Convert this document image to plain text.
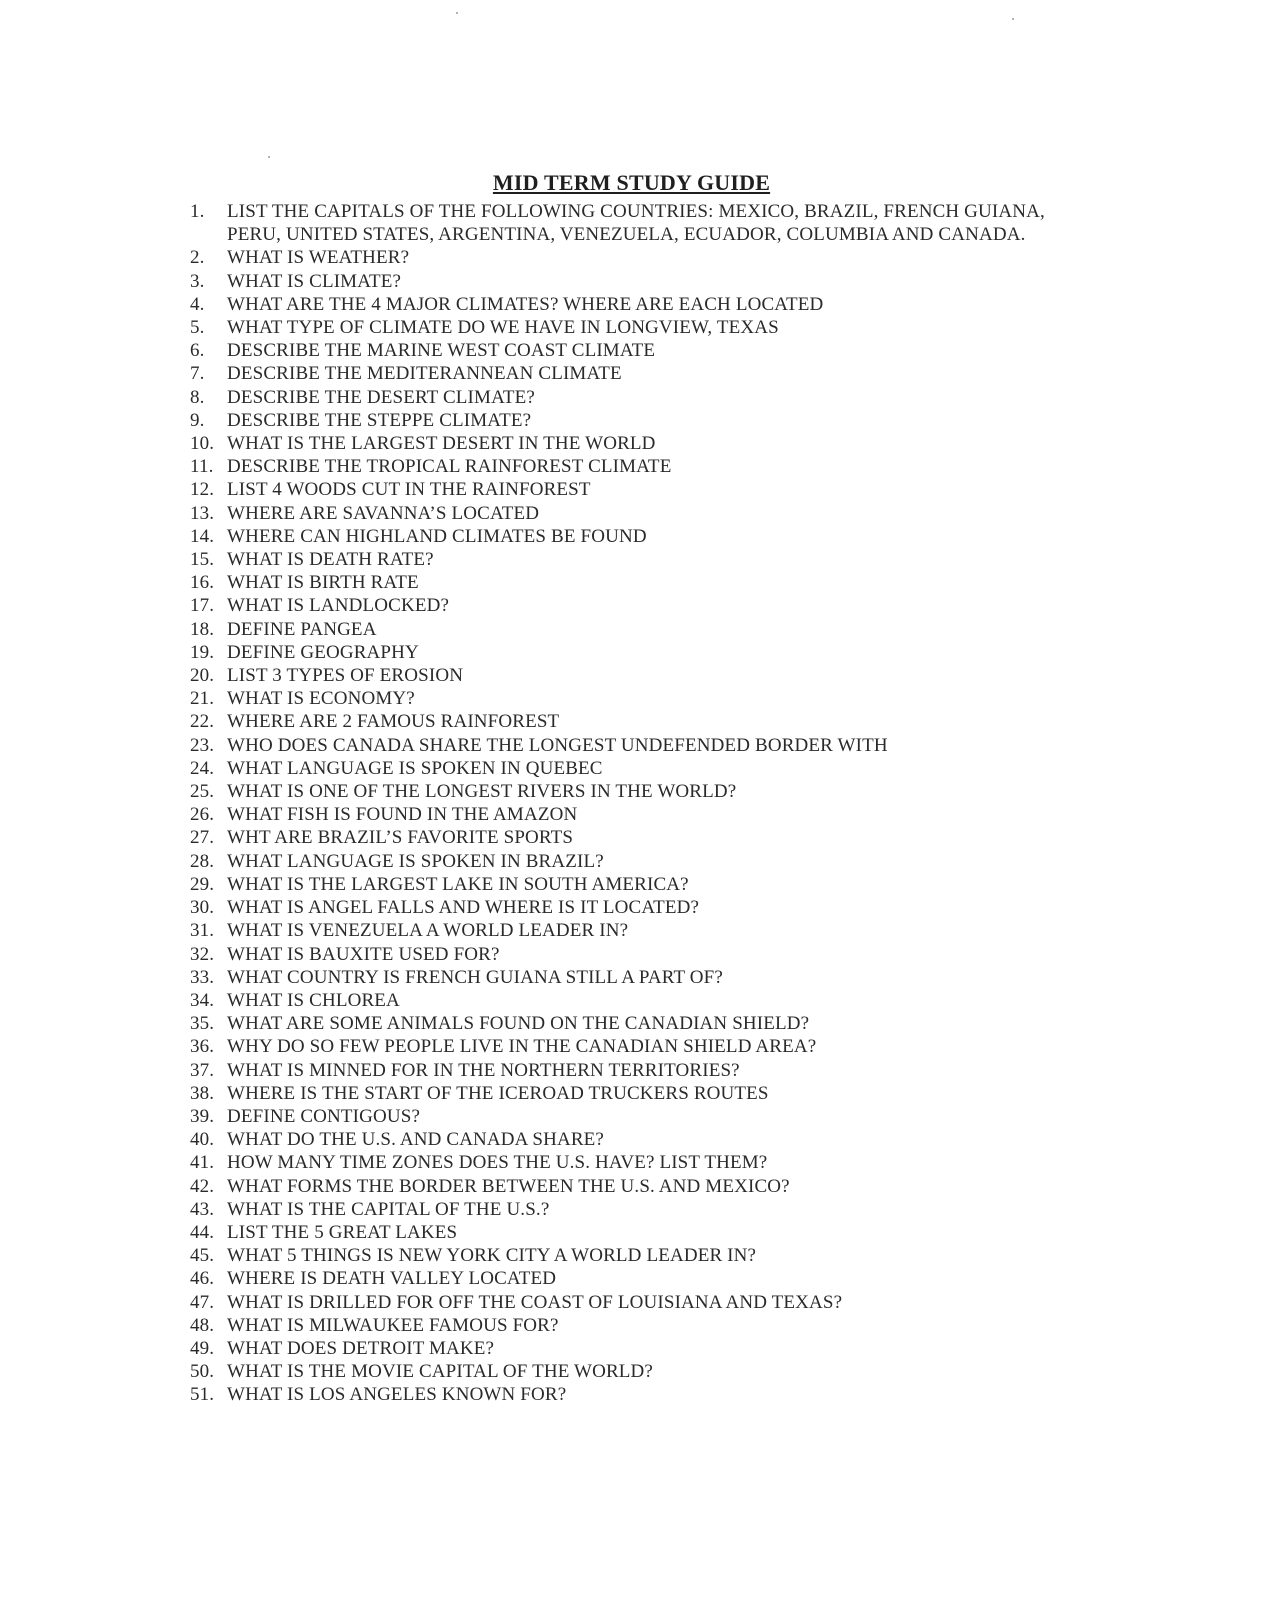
MID TERM STUDY GUIDE
1.	LIST THE CAPITALS OF THE FOLLOWING COUNTRIES: MEXICO, BRAZIL, FRENCH GUIANA, PERU, UNITED STATES, ARGENTINA, VENEZUELA, ECUADOR, COLUMBIA AND CANADA.
2.	WHAT IS WEATHER?
3.	WHAT IS CLIMATE?
4.	WHAT ARE THE 4 MAJOR CLIMATES? WHERE ARE EACH LOCATED
5.	WHAT TYPE OF CLIMATE DO WE HAVE IN LONGVIEW, TEXAS
6.	DESCRIBE THE MARINE WEST COAST CLIMATE
7.	DESCRIBE THE MEDITERANNEAN CLIMATE
8.	DESCRIBE THE DESERT CLIMATE?
9.	DESCRIBE THE STEPPE CLIMATE?
10. WHAT IS THE LARGEST DESERT IN THE WORLD
11. DESCRIBE THE TROPICAL RAINFOREST CLIMATE
12. LIST 4 WOODS CUT IN THE RAINFOREST
13. WHERE ARE SAVANNA’S LOCATED
14. WHERE CAN HIGHLAND CLIMATES BE FOUND
15. WHAT IS DEATH RATE?
16. WHAT IS BIRTH RATE
17. WHAT IS LANDLOCKED?
18. DEFINE PANGEA
19. DEFINE GEOGRAPHY
20. LIST 3 TYPES OF EROSION
21. WHAT IS ECONOMY?
22. WHERE ARE 2 FAMOUS RAINFOREST
23. WHO DOES CANADA SHARE THE LONGEST UNDEFENDED BORDER WITH
24. WHAT LANGUAGE IS SPOKEN IN QUEBEC
25. WHAT IS ONE OF THE LONGEST RIVERS IN THE WORLD?
26. WHAT FISH IS FOUND IN THE AMAZON
27. WHT ARE BRAZIL’S FAVORITE SPORTS
28. WHAT LANGUAGE IS SPOKEN IN BRAZIL?
29. WHAT IS THE LARGEST LAKE IN SOUTH AMERICA?
30. WHAT IS ANGEL FALLS AND WHERE IS IT LOCATED?
31. WHAT IS VENEZUELA A WORLD LEADER IN?
32. WHAT IS BAUXITE USED FOR?
33. WHAT COUNTRY IS FRENCH GUIANA STILL A PART OF?
34. WHAT IS CHLOREA
35. WHAT ARE SOME ANIMALS FOUND ON THE CANADIAN SHIELD?
36. WHY DO SO FEW PEOPLE LIVE IN THE CANADIAN SHIELD AREA?
37. WHAT IS MINNED FOR IN THE NORTHERN TERRITORIES?
38. WHERE IS THE START OF THE ICEROAD TRUCKERS ROUTES
39. DEFINE CONTIGOUS?
40. WHAT DO THE U.S. AND CANADA SHARE?
41. HOW MANY TIME ZONES DOES THE U.S. HAVE? LIST THEM?
42. WHAT FORMS THE BORDER BETWEEN THE U.S. AND MEXICO?
43. WHAT IS THE CAPITAL OF THE U.S.?
44. LIST THE 5 GREAT LAKES
45. WHAT 5 THINGS IS NEW YORK CITY A WORLD LEADER IN?
46. WHERE IS DEATH VALLEY LOCATED
47. WHAT IS DRILLED FOR OFF THE COAST OF LOUISIANA AND TEXAS?
48. WHAT IS MILWAUKEE FAMOUS FOR?
49. WHAT DOES DETROIT MAKE?
50. WHAT IS THE MOVIE CAPITAL OF THE WORLD?
51. WHAT IS LOS ANGELES KNOWN FOR?
